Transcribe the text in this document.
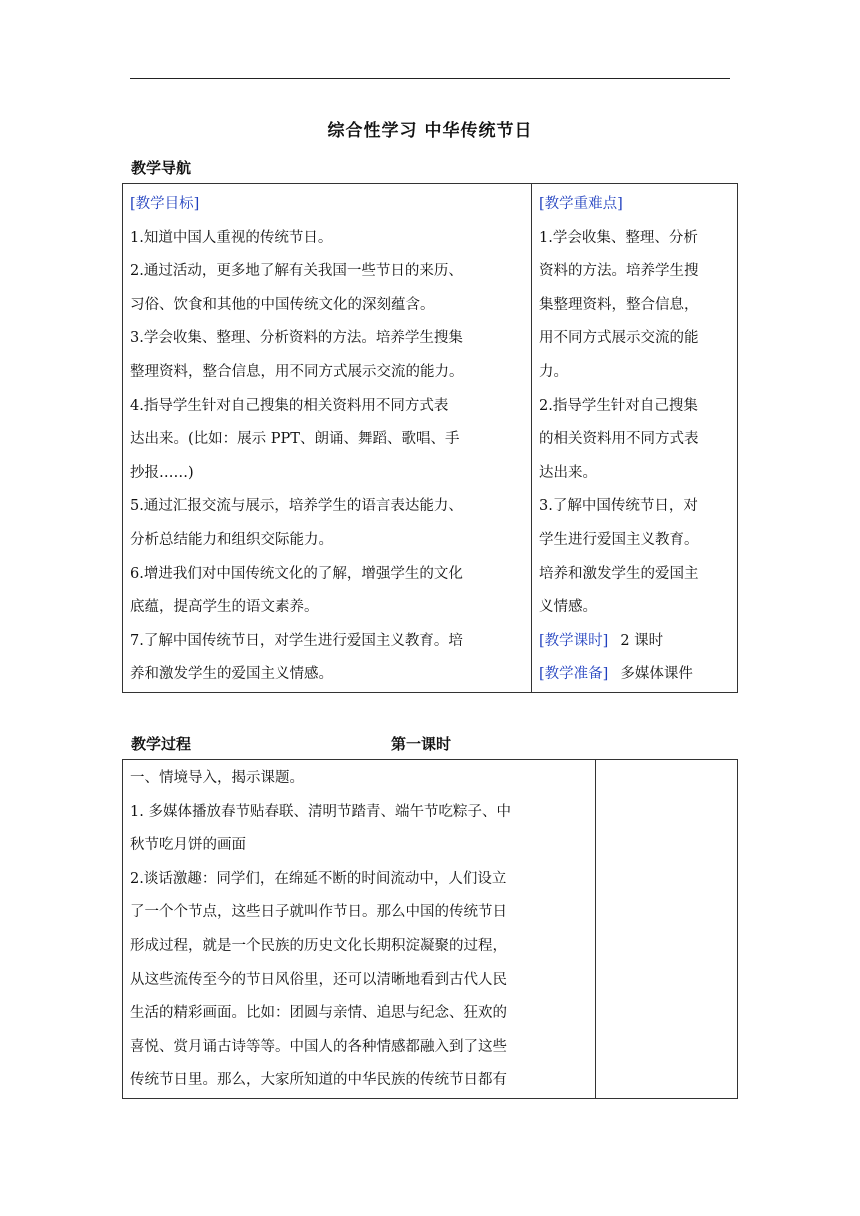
综合性学习 中华传统节日
教学导航
[教学目标]
1.知道中国人重视的传统节日。
2.通过活动，更多地了解有关我国一些节日的来历、
习俗、饮食和其他的中国传统文化的深刻蕴含。
3.学会收集、整理、分析资料的方法。培养学生搜集
整理资料，整合信息，用不同方式展示交流的能力。
4.指导学生针对自己搜集的相关资料用不同方式表
达出来。(比如：展示 PPT、朗诵、舞蹈、歌唱、手
抄报……)
5.通过汇报交流与展示，培养学生的语言表达能力、
分析总结能力和组织交际能力。
6.增进我们对中国传统文化的了解，增强学生的文化
底蕴，提高学生的语文素养。
7.了解中国传统节日，对学生进行爱国主义教育。培
养和激发学生的爱国主义情感。

[教学重难点]
1.学会收集、整理、分析
资料的方法。培养学生搜
集整理资料，整合信息，
用不同方式展示交流的能
力。
2.指导学生针对自己搜集
的相关资料用不同方式表
达出来。
3.了解中国传统节日，对
学生进行爱国主义教育。
培养和激发学生的爱国主
义情感。
[教学课时] 2 课时
[教学准备] 多媒体课件
教学过程	第一课时
一、情境导入，揭示课题。
1. 多媒体播放春节贴春联、清明节踏青、端午节吃粽子、中
秋节吃月饼的画面
2.谈话激趣：同学们，在绵延不断的时间流动中，人们设立
了一个个节点，这些日子就叫作节日。那么中国的传统节日
形成过程，就是一个民族的历史文化长期积淀凝聚的过程，
从这些流传至今的节日风俗里，还可以清晰地看到古代人民
生活的精彩画面。比如：团圆与亲情、追思与纪念、狂欢的
喜悦、赏月诵古诗等等。中国人的各种情感都融入到了这些
传统节日里。那么，大家所知道的中华民族的传统节日都有
